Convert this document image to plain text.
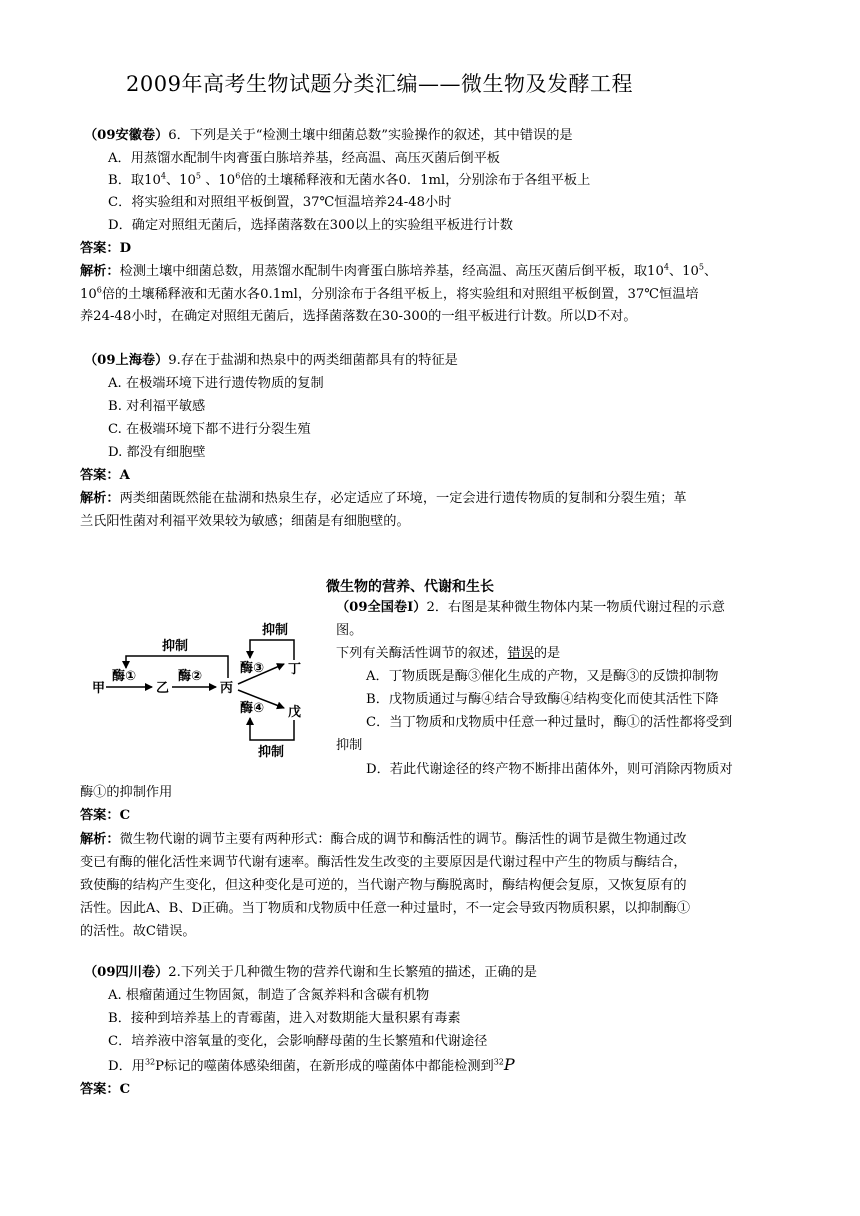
2009年高考生物试题分类汇编——微生物及发酵工程
（09安徽卷）6．下列是关于“检测土壤中细菌总数”实验操作的叙述，其中错误的是
A．用蒸馏水配制牛肉膏蛋白胨培养基，经高温、高压灭菌后倒平板
B．取$10^4$、$10^5$ 、$10^6$倍的土壤稀释液和无菌水各0．1ml，分别涂布于各组平板上
C．将实验组和对照组平板倒置，37℃恒温培养24-48小时
D．确定对照组无菌后，选择菌落数在300以上的实验组平板进行计数
答案：D
解析：检测土壤中细菌总数，用蒸馏水配制牛肉膏蛋白胨培养基，经高温、高压灭菌后倒平板，取$10^4$、$10^5$、
$10^6$倍的土壤稀释液和无菌水各0.1ml，分别涂布于各组平板上，将实验组和对照组平板倒置，37℃恒温培
养24-48小时，在确定对照组无菌后，选择菌落数在30-300的一组平板进行计数。所以D不对。
（09上海卷）9.存在于盐湖和热泉中的两类细菌都具有的特征是
A. 在极端环境下进行遗传物质的复制
B. 对利福平敏感
C. 在极端环境下都不进行分裂生殖
D. 都没有细胞壁
答案：A
解析：两类细菌既然能在盐湖和热泉生存，必定适应了环境，一定会进行遗传物质的复制和分裂生殖；革
兰氏阳性菌对利福平效果较为敏感；细菌是有细胞壁的。
微生物的营养、代谢和生长
甲	乙	丙
丁
戊
酶①	酶②
酶③
酶④
抑制
抑制
抑制
（09全国卷Ⅰ）2．右图是某种微生物体内某一物质代谢过程的示意
图。
下列有关酶活性调节的叙述，错误的是
A．丁物质既是酶③催化生成的产物，又是酶③的反馈抑制物
B．戊物质通过与酶④结合导致酶④结构变化而使其活性下降
C．当丁物质和戊物质中任意一种过量时，酶①的活性都将受到
抑制
D．若此代谢途径的终产物不断排出菌体外，则可消除丙物质对
酶①的抑制作用
答案：C
解析：微生物代谢的调节主要有两种形式：酶合成的调节和酶活性的调节。酶活性的调节是微生物通过改
变已有酶的催化活性来调节代谢有速率。酶活性发生改变的主要原因是代谢过程中产生的物质与酶结合，
致使酶的结构产生变化，但这种变化是可逆的，当代谢产物与酶脱离时，酶结构便会复原，又恢复原有的
活性。因此A、B、D正确。当丁物质和戊物质中任意一种过量时，不一定会导致丙物质积累，以抑制酶①
的活性。故C错误。
（09四川卷）2.下列关于几种微生物的营养代谢和生长繁殖的描述，正确的是
A. 根瘤菌通过生物固氮，制造了含氮养料和含碳有机物
B．接种到培养基上的青霉菌，进入对数期能大量积累有毒素
C．培养液中溶氧量的变化，会影响酵母菌的生长繁殖和代谢途径
D．用$^{32}$P标记的噬菌体感染细菌，在新形成的噬菌体中都能检测到$^{32}$P
答案：C
